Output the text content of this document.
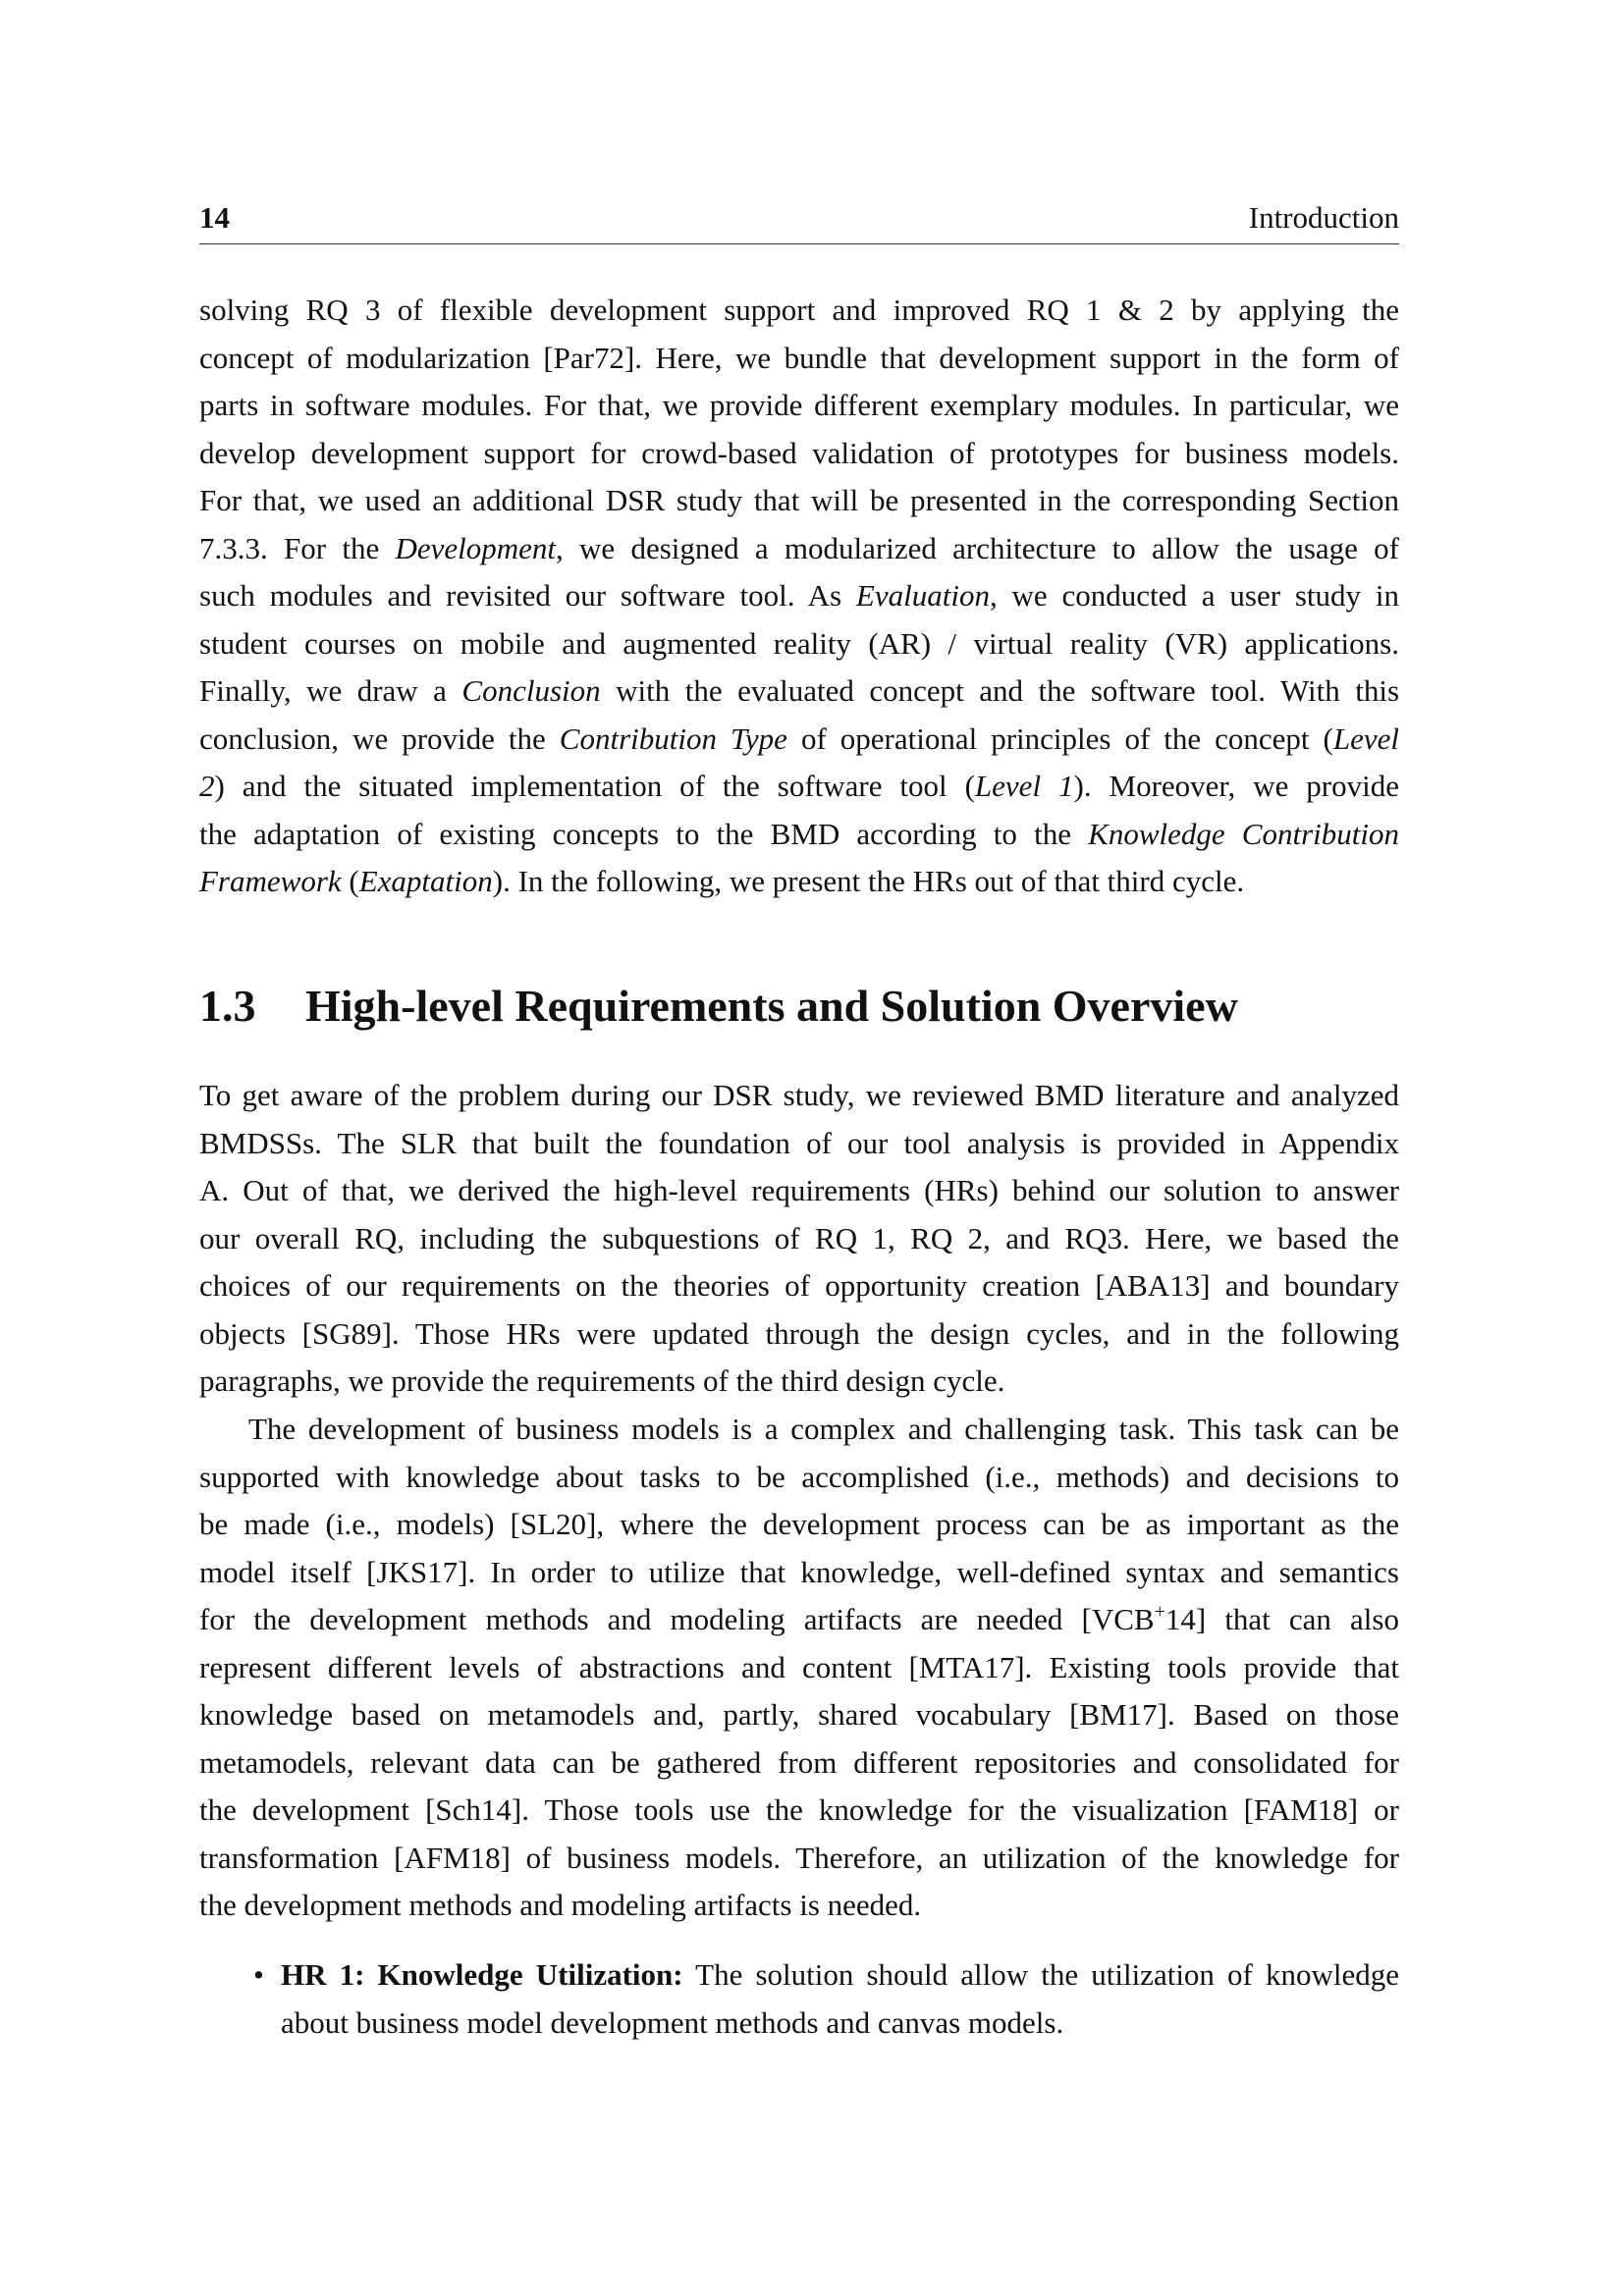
14	Introduction
solving RQ 3 of flexible development support and improved RQ 1 & 2 by applying the
concept of modularization [Par72]. Here, we bundle that development support in the form of
parts in software modules. For that, we provide different exemplary modules. In particular, we
develop development support for crowd-based validation of prototypes for business models.
For that, we used an additional DSR study that will be presented in the corresponding Section
7.3.3. For the Development, we designed a modularized architecture to allow the usage of
such modules and revisited our software tool. As Evaluation, we conducted a user study in
student courses on mobile and augmented reality (AR) / virtual reality (VR) applications.
Finally, we draw a Conclusion with the evaluated concept and the software tool. With this
conclusion, we provide the Contribution Type of operational principles of the concept (Level
2) and the situated implementation of the software tool (Level 1). Moreover, we provide
the adaptation of existing concepts to the BMD according to the Knowledge Contribution
Framework (Exaptation). In the following, we present the HRs out of that third cycle.
1.3 High-level Requirements and Solution Overview
To get aware of the problem during our DSR study, we reviewed BMD literature and analyzed
BMDSSs. The SLR that built the foundation of our tool analysis is provided in Appendix
A. Out of that, we derived the high-level requirements (HRs) behind our solution to answer
our overall RQ, including the subquestions of RQ 1, RQ 2, and RQ3. Here, we based the
choices of our requirements on the theories of opportunity creation [ABA13] and boundary
objects [SG89]. Those HRs were updated through the design cycles, and in the following
paragraphs, we provide the requirements of the third design cycle.
The development of business models is a complex and challenging task. This task can be
supported with knowledge about tasks to be accomplished (i.e., methods) and decisions to
be made (i.e., models) [SL20], where the development process can be as important as the
model itself [JKS17]. In order to utilize that knowledge, well-defined syntax and semantics
for the development methods and modeling artifacts are needed [VCB+14] that can also
represent different levels of abstractions and content [MTA17]. Existing tools provide that
knowledge based on metamodels and, partly, shared vocabulary [BM17]. Based on those
metamodels, relevant data can be gathered from different repositories and consolidated for
the development [Sch14]. Those tools use the knowledge for the visualization [FAM18] or
transformation [AFM18] of business models. Therefore, an utilization of the knowledge for
the development methods and modeling artifacts is needed.
• HR 1: Knowledge Utilization: The solution should allow the utilization of knowledge
about business model development methods and canvas models.
